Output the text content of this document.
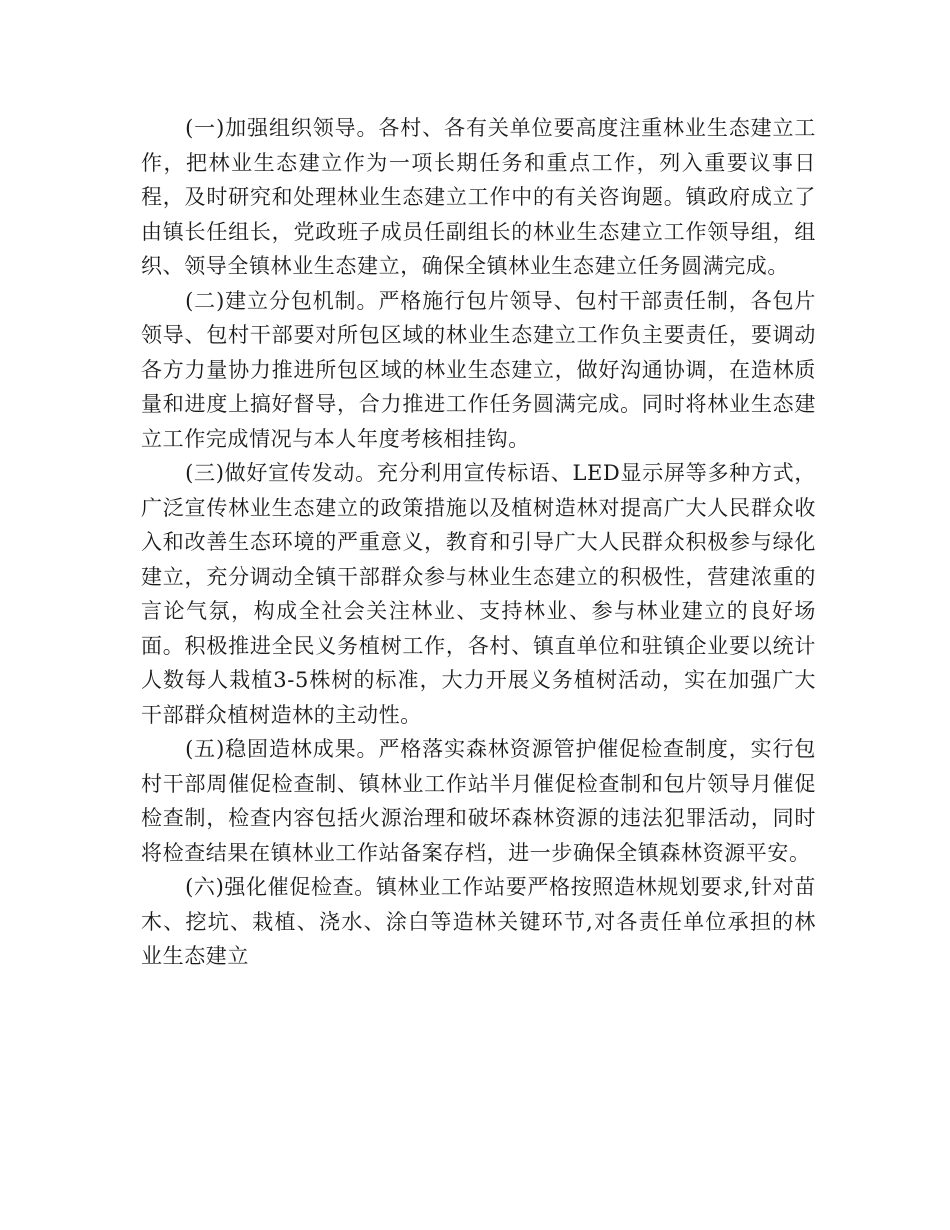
(一)加强组织领导。各村、各有关单位要高度注重林业生态建立工作，把林业生态建立作为一项长期任务和重点工作，列入重要议事日程，及时研究和处理林业生态建立工作中的有关咨询题。镇政府成立了由镇长任组长，党政班子成员任副组长的林业生态建立工作领导组，组织、领导全镇林业生态建立，确保全镇林业生态建立任务圆满完成。

(二)建立分包机制。严格施行包片领导、包村干部责任制，各包片领导、包村干部要对所包区域的林业生态建立工作负主要责任，要调动各方力量协力推进所包区域的林业生态建立，做好沟通协调，在造林质量和进度上搞好督导，合力推进工作任务圆满完成。同时将林业生态建立工作完成情况与本人年度考核相挂钩。

(三)做好宣传发动。充分利用宣传标语、LED显示屏等多种方式，广泛宣传林业生态建立的政策措施以及植树造林对提高广大人民群众收入和改善生态环境的严重意义，教育和引导广大人民群众积极参与绿化建立，充分调动全镇干部群众参与林业生态建立的积极性，营建浓重的言论气氛，构成全社会关注林业、支持林业、参与林业建立的良好场面。积极推进全民义务植树工作，各村、镇直单位和驻镇企业要以统计人数每人栽植3-5株树的标准，大力开展义务植树活动，实在加强广大干部群众植树造林的主动性。

(五)稳固造林成果。严格落实森林资源管护催促检查制度，实行包村干部周催促检查制、镇林业工作站半月催促检查制和包片领导月催促检查制，检查内容包括火源治理和破坏森林资源的违法犯罪活动，同时将检查结果在镇林业工作站备案存档，进一步确保全镇森林资源平安。

(六)强化催促检查。镇林业工作站要严格按照造林规划要求,针对苗木、挖坑、栽植、浇水、涂白等造林关键环节,对各责任单位承担的林业生态建立
